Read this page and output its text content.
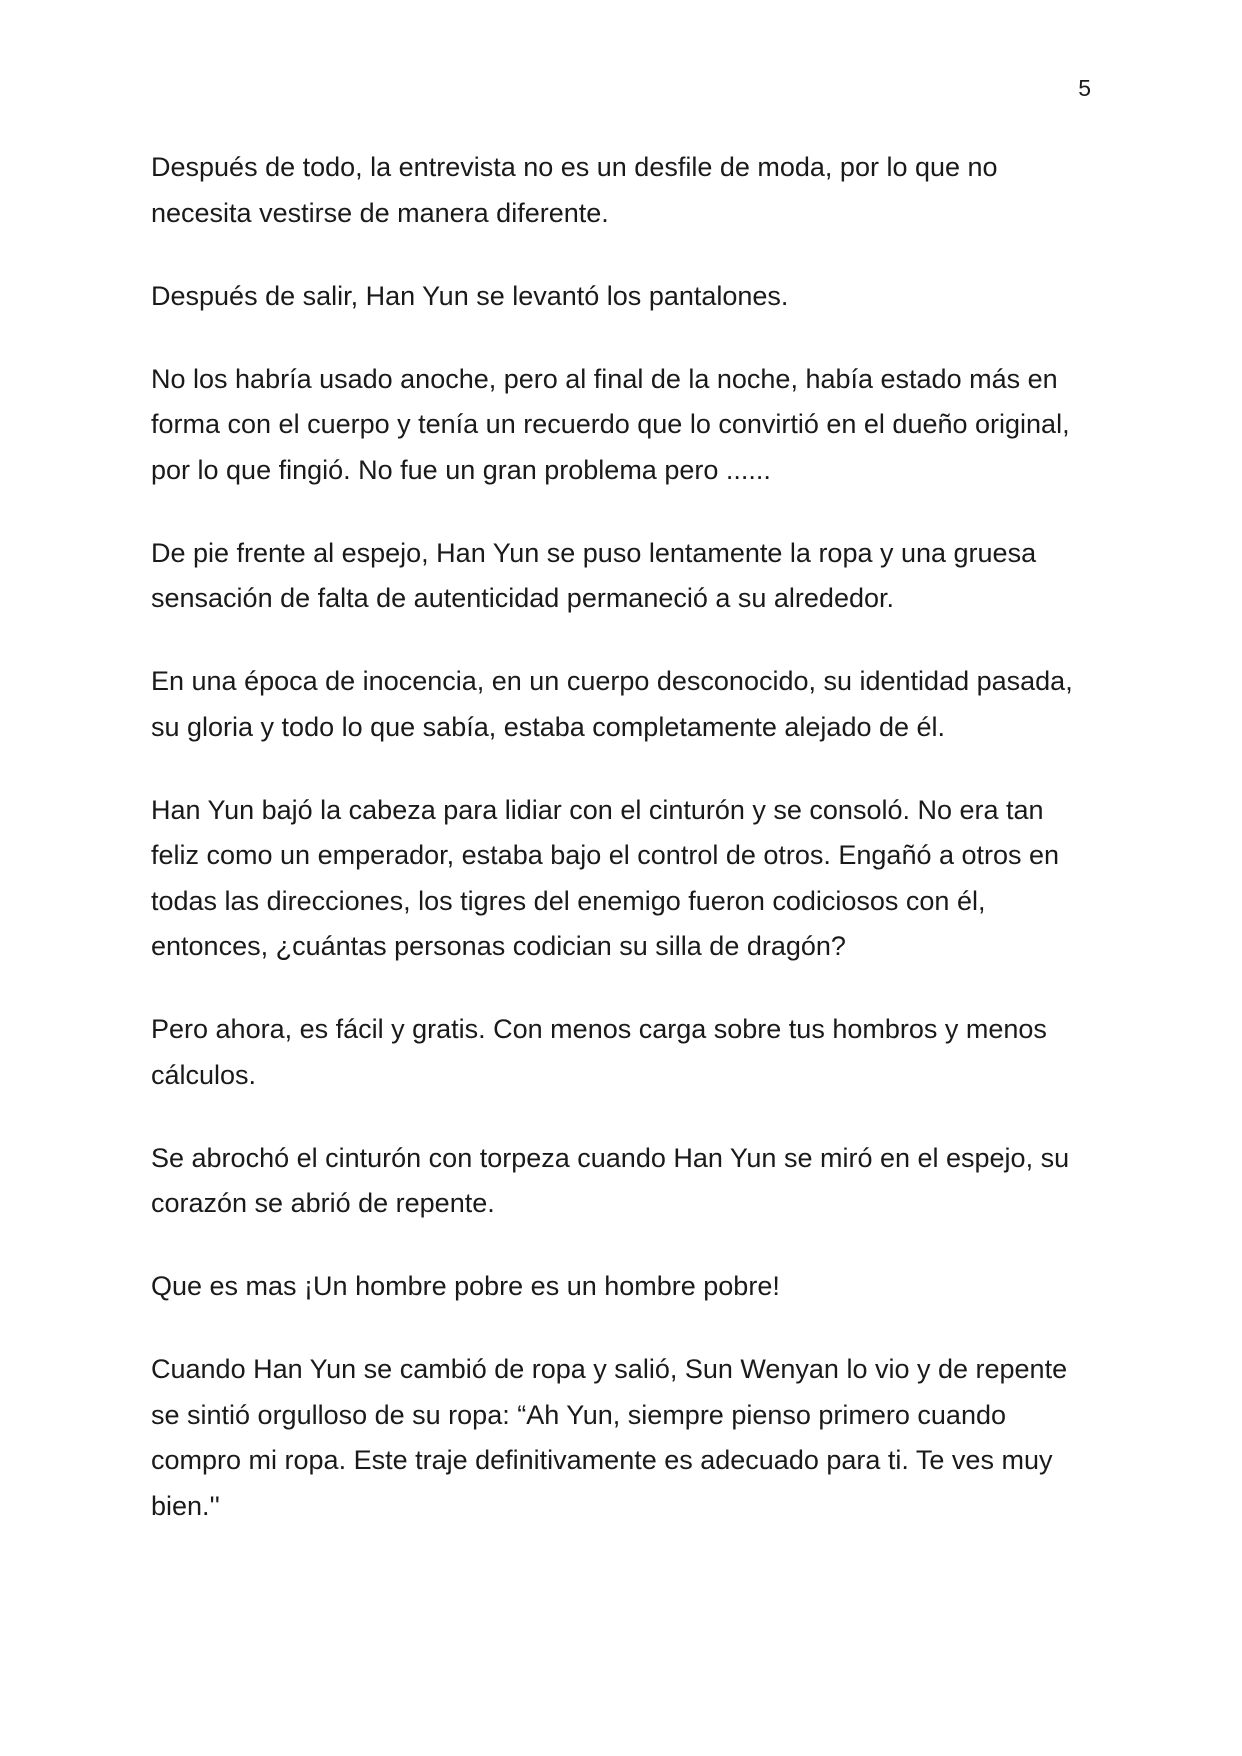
5

Después de todo, la entrevista no es un desfile de moda, por lo que no necesita vestirse de manera diferente.

Después de salir, Han Yun se levantó los pantalones.

No los habría usado anoche, pero al final de la noche, había estado más en forma con el cuerpo y tenía un recuerdo que lo convirtió en el dueño original, por lo que fingió. No fue un gran problema pero ......

De pie frente al espejo, Han Yun se puso lentamente la ropa y una gruesa sensación de falta de autenticidad permaneció a su alrededor.

En una época de inocencia, en un cuerpo desconocido, su identidad pasada, su gloria y todo lo que sabía, estaba completamente alejado de él.

Han Yun bajó la cabeza para lidiar con el cinturón y se consoló. No era tan feliz como un emperador, estaba bajo el control de otros. Engañó a otros en todas las direcciones, los tigres del enemigo fueron codiciosos con él, entonces, ¿cuántas personas codician su silla de dragón?

Pero ahora, es fácil y gratis. Con menos carga sobre tus hombros y menos cálculos.

Se abrochó el cinturón con torpeza cuando Han Yun se miró en el espejo, su corazón se abrió de repente.

Que es mas ¡Un hombre pobre es un hombre pobre!

Cuando Han Yun se cambió de ropa y salió, Sun Wenyan lo vio y de repente se sintió orgulloso de su ropa: “Ah Yun, siempre pienso primero cuando compro mi ropa. Este traje definitivamente es adecuado para ti. Te ves muy bien.''
